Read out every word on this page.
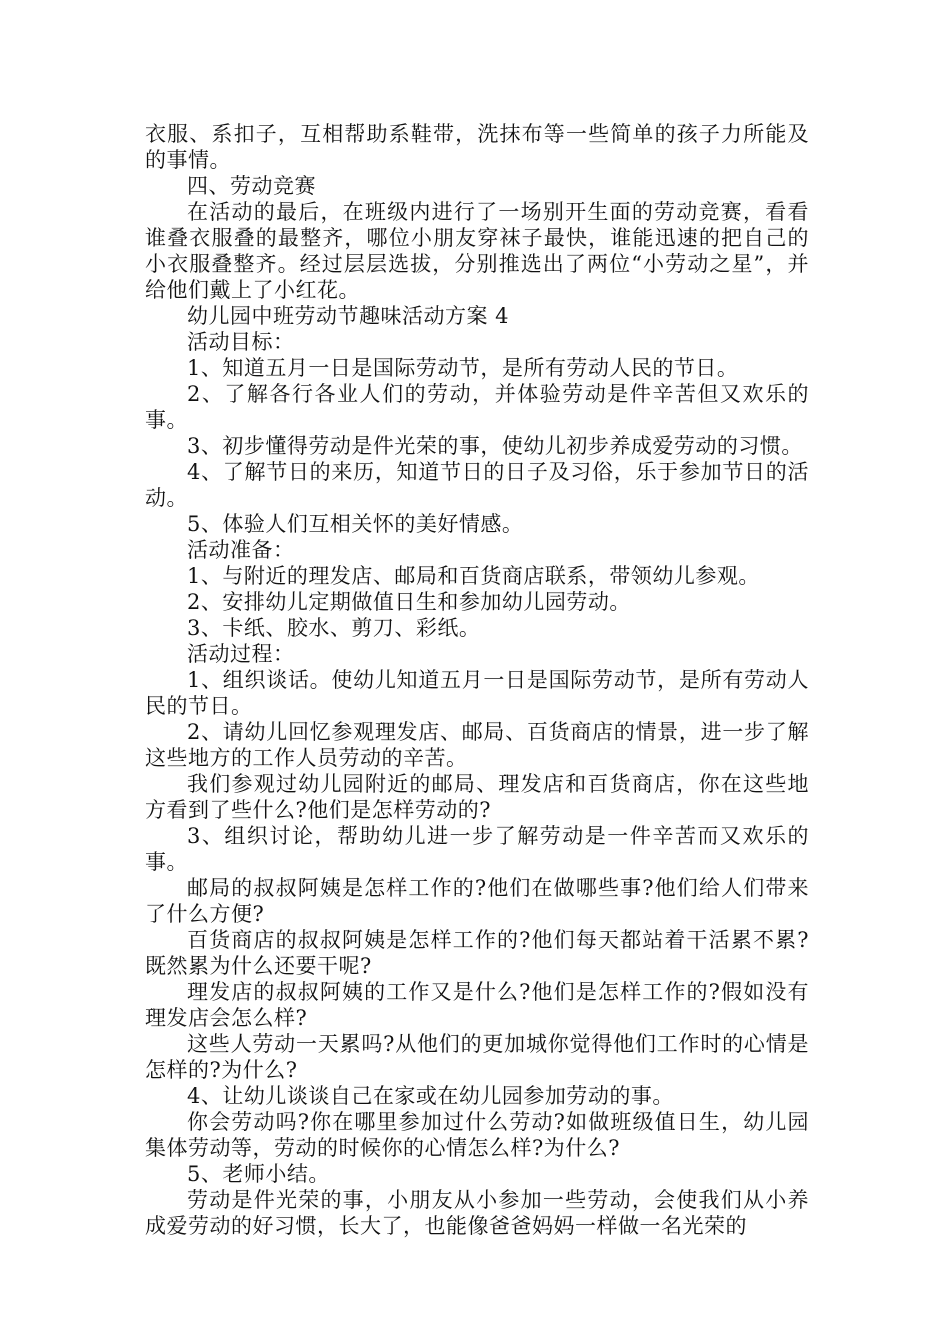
衣服、系扣子，互相帮助系鞋带，洗抹布等一些简单的孩子力所能及的事情。

四、劳动竞赛

在活动的最后，在班级内进行了一场别开生面的劳动竞赛，看看谁叠衣服叠的最整齐，哪位小朋友穿袜子最快，谁能迅速的把自己的小衣服叠整齐。经过层层选拔，分别推选出了两位“小劳动之星”，并给他们戴上了小红花。

幼儿园中班劳动节趣味活动方案 4

活动目标：

1、知道五月一日是国际劳动节，是所有劳动人民的节日。

2、了解各行各业人们的劳动，并体验劳动是件辛苦但又欢乐的事。

3、初步懂得劳动是件光荣的事，使幼儿初步养成爱劳动的习惯。

4、了解节日的来历，知道节日的日子及习俗，乐于参加节日的活动。

5、体验人们互相关怀的美好情感。

活动准备：

1、与附近的理发店、邮局和百货商店联系，带领幼儿参观。

2、安排幼儿定期做值日生和参加幼儿园劳动。

3、卡纸、胶水、剪刀、彩纸。

活动过程：

1、组织谈话。使幼儿知道五月一日是国际劳动节，是所有劳动人民的节日。

2、请幼儿回忆参观理发店、邮局、百货商店的情景，进一步了解这些地方的工作人员劳动的辛苦。

我们参观过幼儿园附近的邮局、理发店和百货商店，你在这些地方看到了些什么?他们是怎样劳动的?

3、组织讨论，帮助幼儿进一步了解劳动是一件辛苦而又欢乐的事。

邮局的叔叔阿姨是怎样工作的?他们在做哪些事?他们给人们带来了什么方便?

百货商店的叔叔阿姨是怎样工作的?他们每天都站着干活累不累?既然累为什么还要干呢?

理发店的叔叔阿姨的工作又是什么?他们是怎样工作的?假如没有理发店会怎么样?

这些人劳动一天累吗?从他们的更加城你觉得他们工作时的心情是怎样的?为什么?

4、让幼儿谈谈自己在家或在幼儿园参加劳动的事。

你会劳动吗?你在哪里参加过什么劳动?如做班级值日生，幼儿园集体劳动等，劳动的时候你的心情怎么样?为什么?

5、老师小结。

劳动是件光荣的事，小朋友从小参加一些劳动，会使我们从小养成爱劳动的好习惯，长大了，也能像爸爸妈妈一样做一名光荣的
